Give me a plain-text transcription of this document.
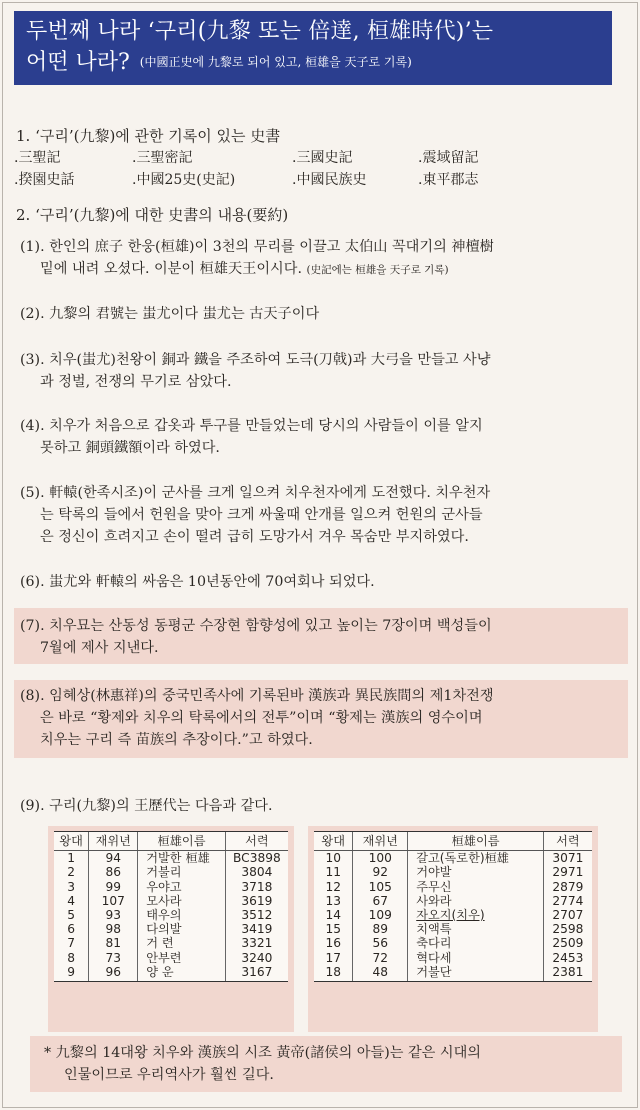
두번째 나라 ‘구리(九黎 또는 倍達, 桓雄時代)’는
어떤 나라? (中國正史에 九黎로 되어 있고, 桓雄을 天子로 기록)
1. ‘구리’(九黎)에 관한 기록이 있는 史書
.三聖記	.三聖密記	.三國史記	.震域留記
.揆園史話	.中國25史(史記)	.中國民族史	.東平郡志
2. ‘구리’(九黎)에 대한 史書의 내용(要約)
(1). 한인의 庶子 한웅(桓雄)이 3천의 무리를 이끌고 太伯山 꼭대기의 神檀樹
밑에 내려 오셨다. 이분이 桓雄天王이시다. (史記에는 桓雄을 天子로 기록)
(2). 九黎의 君號는 蚩尤이다 蚩尤는 古天子이다
(3). 치우(蚩尤)천왕이 銅과 鐵을 주조하여 도극(刀戟)과 大弓을 만들고 사냥
과 정벌, 전쟁의 무기로 삼았다.
(4). 치우가 처음으로 갑옷과 투구를 만들었는데 당시의 사람들이 이를 알지
못하고 銅頭鐵額이라 하였다.
(5). 軒轅(한족시조)이 군사를 크게 일으켜 치우천자에게 도전했다. 치우천자
는 탁록의 들에서 헌원을 맞아 크게 싸울때 안개를 일으켜 헌원의 군사들
은 정신이 흐려지고 손이 떨려 급히 도망가서 겨우 목숨만 부지하였다.
(6). 蚩尤와 軒轅의 싸움은 10년동안에 70여회나 되었다.
(7). 치우묘는 산동성 동평군 수장현 함향성에 있고 높이는 7장이며 백성들이
7월에 제사 지낸다.
(8). 임혜상(林惠祥)의 중국민족사에 기록된바 漢族과 異民族間의 제1차전쟁
은 바로 “황제와 치우의 탁록에서의 전투”이며 “황제는 漢族의 영수이며
치우는 구리 즉 苗族의 추장이다.”고 하였다.
(9). 구리(九黎)의 王歷代는 다음과 같다.
왕대	재위년	桓雄이름	서력
1	94	거발한 桓雄	BC3898
2	86	거불리	3804
3	99	우야고	3718
4	107	모사라	3619
5	93	태우의	3512
6	98	다의발	3419
7	81	거 련	3321
8	73	안부련	3240
9	96	양 운	3167
왕대	재위년	桓雄이름	서력
10	100	갈고(독로한)桓雄	3071
11	92	거야발	2971
12	105	주무신	2879
13	67	사와라	2774
14	109	자오지(치우)	2707
15	89	치액특	2598
16	56	축다리	2509
17	72	혁다세	2453
18	48	거불단	2381
* 九黎의 14대왕 치우와 漢族의 시조 黃帝(諸侯의 아들)는 같은 시대의
인물이므로 우리역사가 훨씬 길다.
